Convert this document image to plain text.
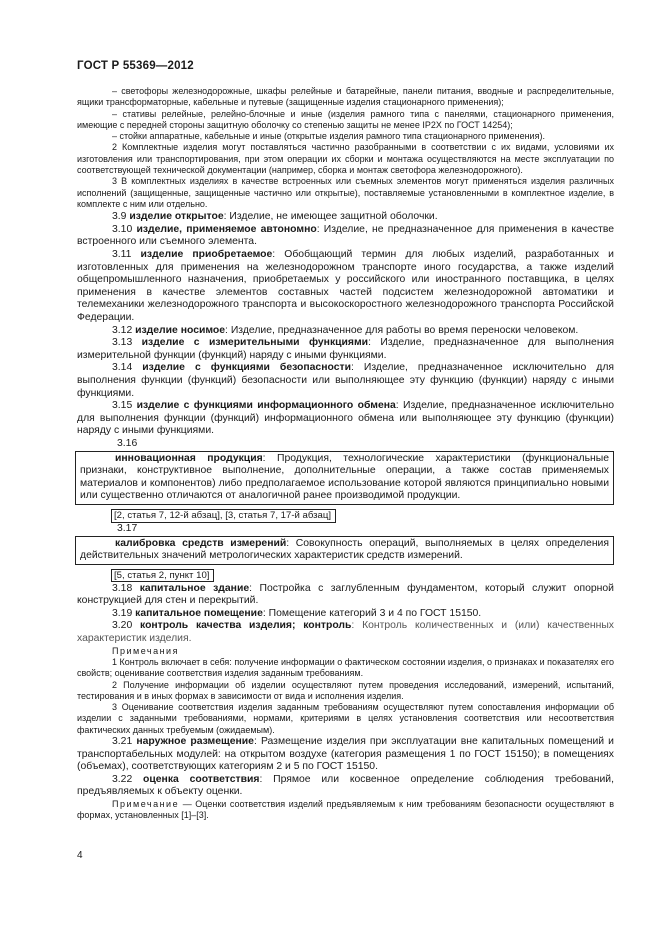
ГОСТ Р 55369—2012

– светофоры железнодорожные, шкафы релейные и батарейные, панели питания, вводные и распределительные, ящики трансформаторные, кабельные и путевые (защищенные изделия стационарного применения);

– стативы релейные, релейно-блочные и иные (изделия рамного типа с панелями, стационарного применения, имеющие с передней стороны защитную оболочку со степенью защиты не менее IP2X по ГОСТ 14254);

– стойки аппаратные, кабельные и иные (открытые изделия рамного типа стационарного применения).

2 Комплектные изделия могут поставляться частично разобранными в соответствии с их видами, условиями их изготовления или транспортирования, при этом операции их сборки и монтажа осуществляются на месте эксплуатации по соответствующей технической документации (например, сборка и монтаж светофора железнодорожного).

3 В комплектных изделиях в качестве встроенных или съемных элементов могут применяться изделия различных исполнений (защищенные, защищенные частично или открытые), поставляемые установленными в комплектное изделие, в комплекте с ним или отдельно.

3.9 изделие открытое: Изделие, не имеющее защитной оболочки.

3.10 изделие, применяемое автономно: Изделие, не предназначенное для применения в качестве встроенного или съемного элемента.

3.11 изделие приобретаемое: Обобщающий термин для любых изделий, разработанных и изготовленных для применения на железнодорожном транспорте иного государства, а также изделий общепромышленного назначения, приобретаемых у российского или иностранного поставщика, в целях применения в качестве элементов составных частей подсистем железнодорожной автоматики и телемеханики железнодорожного транспорта и высокоскоростного железнодорожного транспорта Российской Федерации.

3.12 изделие носимое: Изделие, предназначенное для работы во время переноски человеком.

3.13 изделие с измерительными функциями: Изделие, предназначенное для выполнения измерительной функции (функций) наряду с иными функциями.

3.14 изделие с функциями безопасности: Изделие, предназначенное исключительно для выполнения функции (функций) безопасности или выполняющее эту функцию (функции) наряду с иными функциями.

3.15 изделие с функциями информационного обмена: Изделие, предназначенное исключительно для выполнения функции (функций) информационного обмена или выполняющее эту функцию (функции) наряду с иными функциями.

3.16

инновационная продукция: Продукция, технологические характеристики (функциональные признаки, конструктивное выполнение, дополнительные операции, а также состав применяемых материалов и компонентов) либо предполагаемое использование которой являются принципиально новыми или существенно отличаются от аналогичной ранее производимой продукции.

[2, статья 7, 12-й абзац], [3, статья 7, 17-й абзац]

3.17

калибровка средств измерений: Совокупность операций, выполняемых в целях определения действительных значений метрологических характеристик средств измерений.

[5, статья 2, пункт 10]

3.18 капитальное здание: Постройка с заглубленным фундаментом, который служит опорной конструкцией для стен и перекрытий.

3.19 капитальное помещение: Помещение категорий 3 и 4 по ГОСТ 15150.

3.20 контроль качества изделия; контроль: Контроль количественных и (или) качественных характеристик изделия.

Примечания

1 Контроль включает в себя: получение информации о фактическом состоянии изделия, о признаках и показателях его свойств; оценивание соответствия изделия заданным требованиям.

2 Получение информации об изделии осуществляют путем проведения исследований, измерений, испытаний, тестирования и в иных формах в зависимости от вида и исполнения изделия.

3 Оценивание соответствия изделия заданным требованиям осуществляют путем сопоставления информации об изделии с заданными требованиями, нормами, критериями в целях установления соответствия или несоответствия фактических данных требуемым (ожидаемым).

3.21 наружное размещение: Размещение изделия при эксплуатации вне капитальных помещений и транспортабельных модулей: на открытом воздухе (категория размещения 1 по ГОСТ 15150); в помещениях (объемах), соответствующих категориям 2 и 5 по ГОСТ 15150.

3.22 оценка соответствия: Прямое или косвенное определение соблюдения требований, предъявляемых к объекту оценки.

Примечание — Оценки соответствия изделий предъявляемым к ним требованиям безопасности осуществляют в формах, установленных [1]–[3].

4
